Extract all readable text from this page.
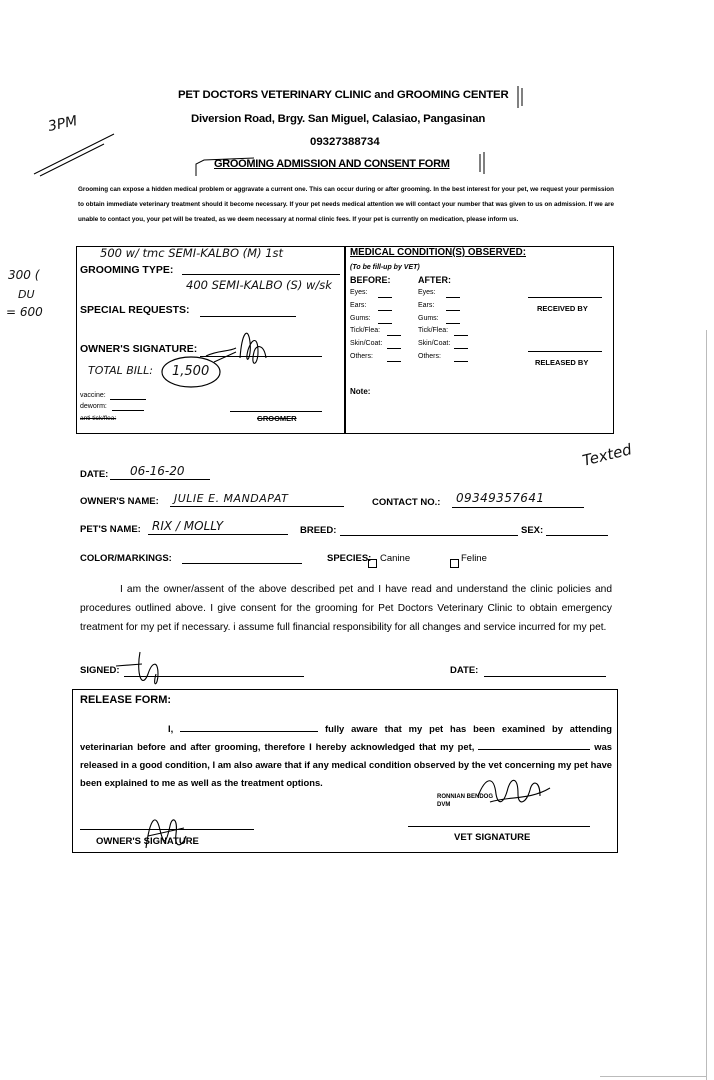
PET DOCTORS VETERINARY CLINIC and GROOMING CENTER
Diversion Road, Brgy. San Miguel, Calasiao, Pangasinan
09327388734
GROOMING ADMISSION AND CONSENT FORM
3PM
300 (
DU
= 600
Grooming can expose a hidden medical problem or aggravate a current one. This can occur during or after grooming. In the best interest for your pet, we request your permission to obtain immediate veterinary treatment should it become necessary. If your pet needs medical attention we will contact your number that was given to us on admission. If we are unable to contact you, your pet will be treated, as we deem necessary at normal clinic fees. If your pet is currently on medication, please inform us.
500 w/ tmc SEMI-KALBO (M) 1st
GROOMING TYPE:
400 SEMI-KALBO (S) w/sk
SPECIAL REQUESTS:
OWNER'S SIGNATURE:
TOTAL BILL: 1,500
vaccine:
deworm:
anti tick/flea:	GROOMER
MEDICAL CONDITION(S) OBSERVED:
(To be fill-up by VET)
BEFORE:	AFTER:
Eyes:	Eyes:
Ears:	Ears:
Gums:	Gums:
Tick/Flea:	Tick/Flea:
Skin/Coat:	Skin/Coat:
Others:	Others:
RECEIVED BY
RELEASED BY
Note:
Texted
DATE: 06-16-20
OWNER'S NAME: JULIE E. MANDAPAT	CONTACT NO.: 09349357641
PET'S NAME: RIX / MOLLY	BREED:	SEX:
COLOR/MARKINGS:	SPECIES: Canine	Feline
I am the owner/assent of the above described pet and I have read and understand the clinic policies and procedures outlined above. I give consent for the grooming for Pet Doctors Veterinary Clinic to obtain emergency treatment for my pet if necessary. i assume full financial responsibility for all changes and service incurred for my pet.
SIGNED:	DATE:
RELEASE FORM:
I,	fully aware that my pet has been examined by attending veterinarian before and after grooming, therefore I hereby acknowledged that my pet,	was released in a good condition, I am also aware that if any medical condition observed by the vet concerning my pet have been explained to me as well as the treatment options.
RONNIAN BENDOG DVM
OWNER'S SIGNATURE	VET SIGNATURE
